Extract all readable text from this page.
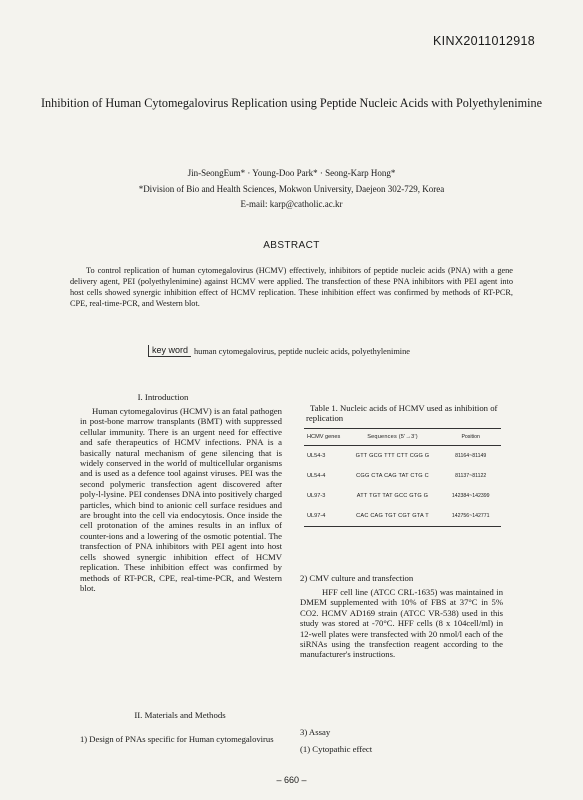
KINX2011012918
Inhibition of Human Cytomegalovirus Replication using Peptide Nucleic Acids with Polyethylenimine
Jin-SeongEum* · Young-Doo Park* · Seong-Karp Hong*
*Division of Bio and Health Sciences, Mokwon University, Daejeon 302-729, Korea
E-mail: karp@catholic.ac.kr
ABSTRACT
To control replication of human cytomegalovirus (HCMV) effectively, inhibitors of peptide nucleic acids (PNA) with a gene delivery agent, PEI (polyethylenimine) against HCMV were applied. The transfection of these PNA inhibitors with PEI agent into host cells showed synergic inhibition effect of HCMV replication. These inhibition effect was confirmed by methods of RT-PCR, CPE, real-time-PCR, and Western blot.
key word human cytomegalovirus, peptide nucleic acids, polyethylenimine
I. Introduction
Human cytomegalovirus (HCMV) is an fatal pathogen in post-bone marrow transplants (BMT) with suppressed cellular immunity. There is an urgent need for effective and safe therapeutics of HCMV infections. PNA is a basically natural mechanism of gene silencing that is widely conserved in the world of multicellular organisms and is used as a defence tool against viruses. PEI was the second polymeric transfection agent discovered after poly-l-lysine. PEI condenses DNA into positively charged particles, which bind to anionic cell surface residues and are brought into the cell via endocytosis. Once inside the cell protonation of the amines results in an influx of counter-ions and a lowering of the osmotic potential. The transfection of PNA inhibitors with PEI agent into host cells showed synergic inhibition effect of HCMV replication. These inhibition effect was confirmed by methods of RT-PCR, CPE, real-time-PCR, and Western blot.
II. Materials and Methods
1) Design of PNAs specific for Human cytomegalovirus
Table 1. Nucleic acids of HCMV used as inhibition of replication
HCMV genes	Sequences (5'→3')	Position
UL54-3	GTT GCG TTT CTT CGG G	81164~81149
UL54-4	CGG CTA CAG TAT CTG C	81137~81122
UL97-3	ATT TGT TAT GCC GTG G	142384~142399
UL97-4	CAC CAG TGT CGT GTA T	142756~142771
2) CMV culture and transfection
HFF cell line (ATCC CRL-1635) was maintained in DMEM supplemented with 10% of FBS at 37°C in 5% CO2. HCMV AD169 strain (ATCC VR-538) used in this study was stored at -70°C. HFF cells (8 x 104cell/ml) in 12-well plates were transfected with 20 nmol/l each of the siRNAs using the transfection reagent according to the manufacturer's instructions.
3) Assay
(1) Cytopathic effect
– 660 –
